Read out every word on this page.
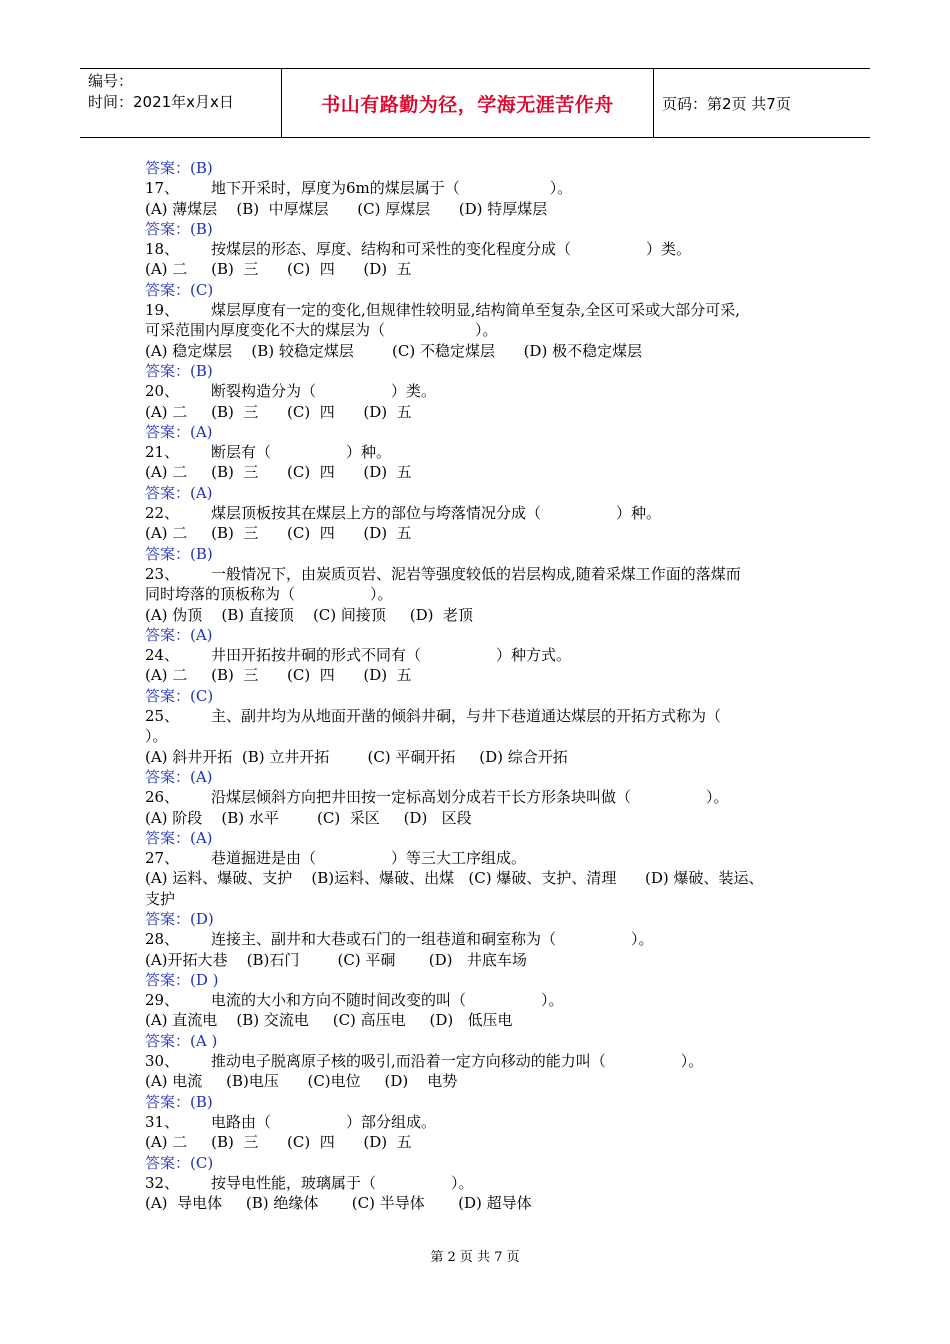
编号：
时间：2021年x月x日	书山有路勤为径，学海无涯苦作舟	页码：第2页 共7页
答案：(B)
17、 地下开采时，厚度为6m的煤层属于（　　　　　　）。
(A) 薄煤层    (B)  中厚煤层      (C) 厚煤层      (D) 特厚煤层
答案：(B)
18、 按煤层的形态、厚度、结构和可采性的变化程度分成（　　　　　）类。
(A) 二     (B)  三      (C)  四      (D)  五
答案：(C)
19、 煤层厚度有一定的变化,但规律性较明显,结构简单至复杂,全区可采或大部分可采,
可采范围内厚度变化不大的煤层为（　　　　　　）。
(A) 稳定煤层    (B) 较稳定煤层        (C) 不稳定煤层      (D) 极不稳定煤层
答案：(B)
20、 断裂构造分为（　　　　　）类。
(A) 二     (B)  三      (C)  四      (D)  五
答案：(A)
21、 断层有（　　　　　）种。
(A) 二     (B)  三      (C)  四      (D)  五
答案：(A)
22、 煤层顶板按其在煤层上方的部位与垮落情况分成（　　　　　）种。
(A) 二     (B)  三      (C)  四      (D)  五
答案：(B)
23、 一般情况下，由炭质页岩、泥岩等强度较低的岩层构成,随着采煤工作面的落煤而
同时垮落的顶板称为（　　　　　）。
(A) 伪顶    (B) 直接顶    (C) 间接顶     (D)  老顶
答案：(A)
24、 井田开拓按井硐的形式不同有（　　　　　）种方式。
(A) 二     (B)  三      (C)  四      (D)  五
答案：(C)
25、 主、副井均为从地面开凿的倾斜井硐，与井下巷道通达煤层的开拓方式称为（
）。
(A) 斜井开拓  (B) 立井开拓        (C) 平硐开拓     (D) 综合开拓
答案：(A)
26、 沿煤层倾斜方向把井田按一定标高划分成若干长方形条块叫做（　　　　　）。
(A) 阶段    (B) 水平        (C)  采区     (D)   区段
答案：(A)
27、 巷道掘进是由（　　　　　）等三大工序组成。
(A) 运料、爆破、支护    (B)运料、爆破、出煤   (C) 爆破、支护、清理      (D) 爆破、装运、
支护
答案：(D)
28、 连接主、副井和大巷或石门的一组巷道和硐室称为（　　　　　）。
(A)开拓大巷    (B)石门        (C) 平硐       (D)   井底车场
答案：(D )
29、 电流的大小和方向不随时间改变的叫（　　　　　）。
(A) 直流电    (B) 交流电     (C) 高压电     (D)   低压电
答案：(A )
30、 推动电子脱离原子核的吸引,而沿着一定方向移动的能力叫（　　　　　）。
(A) 电流     (B)电压      (C)电位     (D)    电势
答案：(B)
31、 电路由（　　　　　）部分组成。
(A) 二     (B)  三      (C)  四      (D)  五
答案：(C)
32、 按导电性能，玻璃属于（　　　　　）。
(A)  导电体     (B) 绝缘体       (C) 半导体       (D) 超导体
第 2 页 共 7 页
